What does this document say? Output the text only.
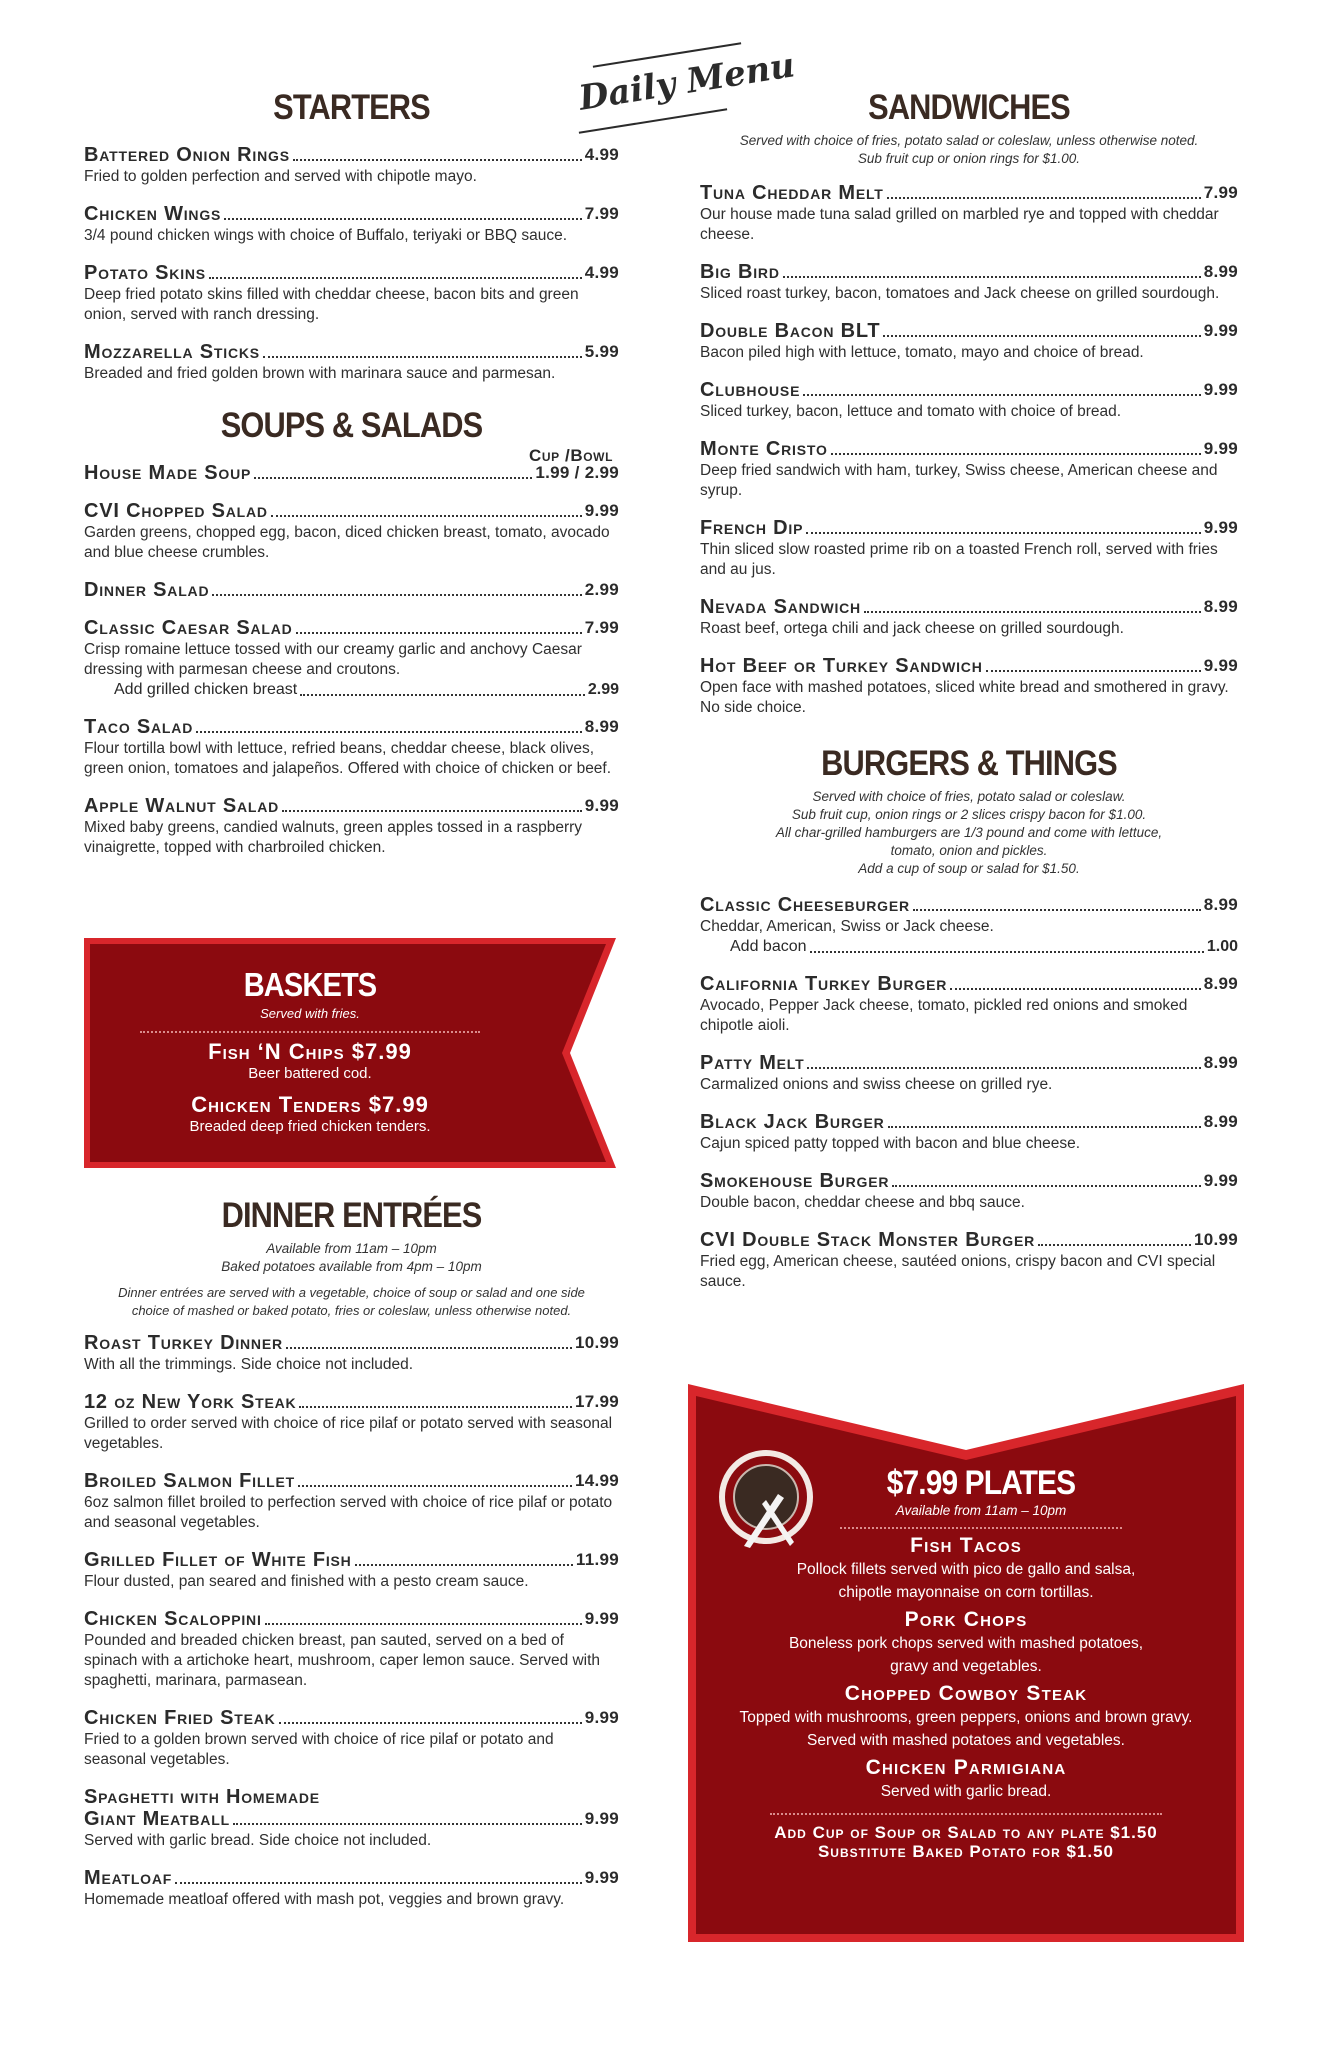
Daily Menu
STARTERS
Battered Onion Rings	4.99
Fried to golden perfection and served with chipotle mayo.
Chicken Wings	7.99
3/4 pound chicken wings with choice of Buffalo, teriyaki or BBQ sauce.
Potato Skins	4.99
Deep fried potato skins filled with cheddar cheese, bacon bits and green onion, served with ranch dressing.
Mozzarella Sticks	5.99
Breaded and fried golden brown with marinara sauce and parmesan.
SOUPS & SALADS
Cup /Bowl
House Made Soup	1.99 / 2.99
CVI Chopped Salad	9.99
Garden greens, chopped egg, bacon, diced chicken breast, tomato, avocado and blue cheese crumbles.
Dinner Salad	2.99
Classic Caesar Salad	7.99
Crisp romaine lettuce tossed with our creamy garlic and anchovy Caesar dressing with parmesan cheese and croutons.
Add grilled chicken breast	2.99
Taco Salad	8.99
Flour tortilla bowl with lettuce, refried beans, cheddar cheese, black olives, green onion, tomatoes and jalapeños. Offered with choice of chicken or beef.
Apple Walnut Salad	9.99
Mixed baby greens, candied walnuts, green apples tossed in a raspberry vinaigrette, topped with charbroiled chicken.
BASKETS
Served with fries.
Fish ‘N Chips $7.99
Beer battered cod.
Chicken Tenders $7.99
Breaded deep fried chicken tenders.
DINNER ENTRÉES
Available from 11am – 10pm
Baked potatoes available from 4pm – 10pm
Dinner entrées are served with a vegetable, choice of soup or salad and one side
choice of mashed or baked potato, fries or coleslaw, unless otherwise noted.
Roast Turkey Dinner	10.99
With all the trimmings. Side choice not included.
12 oz New York Steak	17.99
Grilled to order served with choice of rice pilaf or potato served with seasonal vegetables.
Broiled Salmon Fillet	14.99
6oz salmon fillet broiled to perfection served with choice of rice pilaf or potato and seasonal vegetables.
Grilled Fillet of White Fish	11.99
Flour dusted, pan seared and finished with a pesto cream sauce.
Chicken Scaloppini	9.99
Pounded and breaded chicken breast, pan sauted, served on a bed of spinach with a artichoke heart, mushroom, caper lemon sauce. Served with spaghetti, marinara, parmasean.
Chicken Fried Steak	9.99
Fried to a golden brown served with choice of rice pilaf or potato and seasonal vegetables.
Spaghetti with Homemade
Giant Meatball	9.99
Served with garlic bread. Side choice not included.
Meatloaf	9.99
Homemade meatloaf offered with mash pot, veggies and brown gravy.
SANDWICHES
Served with choice of fries, potato salad or coleslaw, unless otherwise noted.
Sub fruit cup or onion rings for $1.00.
Tuna Cheddar Melt	7.99
Our house made tuna salad grilled on marbled rye and topped with cheddar cheese.
Big Bird	8.99
Sliced roast turkey, bacon, tomatoes and Jack cheese on grilled sourdough.
Double Bacon BLT	9.99
Bacon piled high with lettuce, tomato, mayo and choice of bread.
Clubhouse	9.99
Sliced turkey, bacon, lettuce and tomato with choice of bread.
Monte Cristo	9.99
Deep fried sandwich with ham, turkey, Swiss cheese, American cheese and syrup.
French Dip	9.99
Thin sliced slow roasted prime rib on a toasted French roll, served with fries and au jus.
Nevada Sandwich	8.99
Roast beef, ortega chili and jack cheese on grilled sourdough.
Hot Beef or Turkey Sandwich	9.99
Open face with mashed potatoes, sliced white bread and smothered in gravy. No side choice.
BURGERS & THINGS
Served with choice of fries, potato salad or coleslaw.
Sub fruit cup, onion rings or 2 slices crispy bacon for $1.00.
All char-grilled hamburgers are 1/3 pound and come with lettuce,
tomato, onion and pickles.
Add a cup of soup or salad for $1.50.
Classic Cheeseburger	8.99
Cheddar, American, Swiss or Jack cheese.
Add bacon	1.00
California Turkey Burger	8.99
Avocado, Pepper Jack cheese, tomato, pickled red onions and smoked chipotle aioli.
Patty Melt	8.99
Carmalized onions and swiss cheese on grilled rye.
Black Jack Burger	8.99
Cajun spiced patty topped with bacon and blue cheese.
Smokehouse Burger	9.99
Double bacon, cheddar cheese and bbq sauce.
CVI Double Stack Monster Burger	10.99
Fried egg, American cheese, sautéed onions, crispy bacon and CVI special sauce.
$7.99 PLATES
Available from 11am – 10pm
Fish Tacos
Pollock fillets served with pico de gallo and salsa,
chipotle mayonnaise on corn tortillas.
Pork Chops
Boneless pork chops served with mashed potatoes,
gravy and vegetables.
Chopped Cowboy Steak
Topped with mushrooms, green peppers, onions and brown gravy.
Served with mashed potatoes and vegetables.
Chicken Parmigiana
Served with garlic bread.
Add Cup of Soup or Salad to any plate $1.50
Substitute Baked Potato for $1.50
